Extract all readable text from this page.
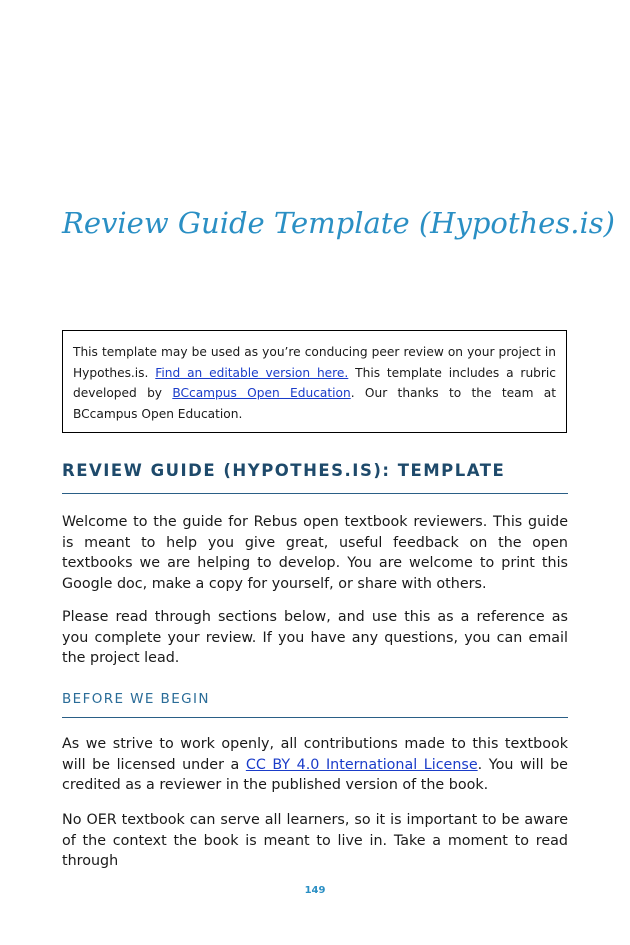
Review Guide Template (Hypothes.is)
This template may be used as you’re conducing peer review on your project in Hypothes.is. Find an editable version here. This template includes a rubric developed by BCcampus Open Education. Our thanks to the team at BCcampus Open Education.
REVIEW GUIDE (HYPOTHES.IS): TEMPLATE

Welcome to the guide for Rebus open textbook reviewers. This guide is meant to help you give great, useful feedback on the open textbooks we are helping to develop. You are welcome to print this Google doc, make a copy for yourself, or share with others.

Please read through sections below, and use this as a reference as you complete your review. If you have any questions, you can email the project lead.

BEFORE WE BEGIN

As we strive to work openly, all contributions made to this textbook will be licensed under a CC BY 4.0 International License. You will be credited as a reviewer in the published version of the book.

No OER textbook can serve all learners, so it is important to be aware of the context the book is meant to live in. Take a moment to read through

149
